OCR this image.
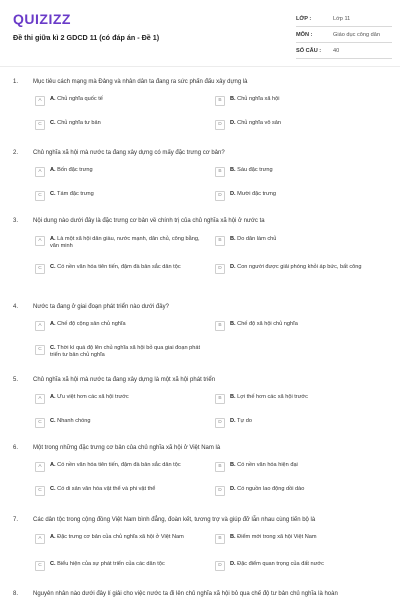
QUIZIZZ
Đề thi giữa kì 2 GDCD 11 (có đáp án - Đề 1)
LỚP :	Lớp 11
MÔN :	Giáo dục công dân
SỐ CÂU :	40
1.	Mục tiêu cách mạng mà Đảng và nhân dân ta đang ra sức phấn đấu xây dựng là
A	A. Chủ nghĩa quốc tế	B	B. Chủ nghĩa xã hội
C	C. Chủ nghĩa tư bản	D	D. Chủ nghĩa vô sản
2.	Chủ nghĩa xã hội mà nước ta đang xây dựng có mấy đặc trưng cơ bản?
A	A. Bốn đặc trưng	B	B. Sáu đặc trưng
C	C. Tám đặc trưng	D	D. Mười đặc trưng
3.	Nội dung nào dưới đây là đặc trưng cơ bản về chính trị của chủ nghĩa xã hội ở nước ta
A	A. Là một xã hội dân giàu, nước mạnh, dân chủ, công bằng, văn minh
B	B. Do dân làm chủ
C	C. Có nền văn hóa tiên tiến, đậm đà bản sắc dân tộc	D	D. Con người được giải phóng khỏi áp bức, bất công
4.	Nước ta đang ở giai đoạn phát triển nào dưới đây?
A	A. Chế độ cộng sản chủ nghĩa	B	B. Chế độ xã hội chủ nghĩa
C	C. Thời kì quá độ lên chủ nghĩa xã hội bỏ qua giai đoạn phát triển tư bản chủ nghĩa
5.	Chủ nghĩa xã hội mà nước ta đang xây dựng là một xã hội phát triển
A	A. Ưu việt hơn các xã hội trước	B	B. Lợi thế hơn các xã hội trước
C	C. Nhanh chóng	D	D. Tự do
6.	Một trong những đặc trưng cơ bản của chủ nghĩa xã hội ở Việt Nam là
A	A. Có nền văn hóa tiên tiến, đậm đà bản sắc dân tộc	B	B. Có nền văn hóa hiện đại
C	C. Có di sản văn hóa vật thể và phi vật thể	D	D. Có nguồn lao động dồi dào
7.	Các dân tộc trong cộng đồng Việt Nam bình đẳng, đoàn kết, tương trợ và giúp đỡ lẫn nhau cùng tiến bộ là
A	A. Đặc trưng cơ bản của chủ nghĩa xã hội ở Việt Nam	B	B. Điểm mới trong xã hội Việt Nam
C	C. Biểu hiện của sự phát triển của các dân tộc	D	D. Đặc điểm quan trọng của đất nước
8.	Nguyên nhân nào dưới đây lí giải cho việc nước ta đi lên chủ nghĩa xã hội bỏ qua chế độ tư bản chủ nghĩa là hoàn
